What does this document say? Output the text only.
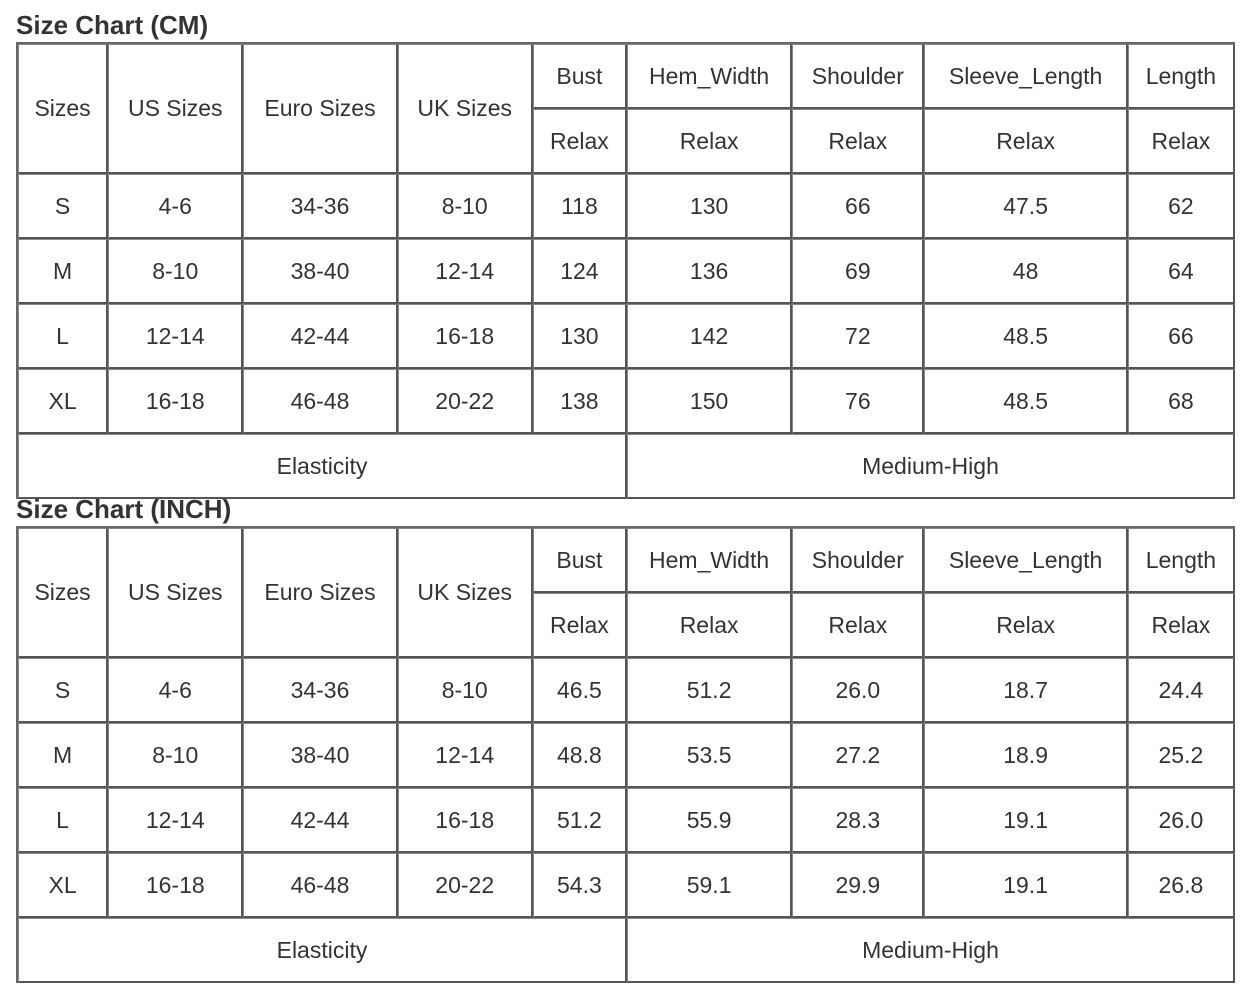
Size Chart (CM)
Sizes	US Sizes	Euro Sizes	UK Sizes	Bust	Hem_Width	Shoulder	Sleeve_Length	Length
				Relax	Relax	Relax	Relax	Relax
S	4-6	34-36	8-10	118	130	66	47.5	62
M	8-10	38-40	12-14	124	136	69	48	64
L	12-14	42-44	16-18	130	142	72	48.5	66
XL	16-18	46-48	20-22	138	150	76	48.5	68
Elasticity					Medium-High			
Size Chart (INCH)
Sizes	US Sizes	Euro Sizes	UK Sizes	Bust	Hem_Width	Shoulder	Sleeve_Length	Length
				Relax	Relax	Relax	Relax	Relax
S	4-6	34-36	8-10	46.5	51.2	26.0	18.7	24.4
M	8-10	38-40	12-14	48.8	53.5	27.2	18.9	25.2
L	12-14	42-44	16-18	51.2	55.9	28.3	19.1	26.0
XL	16-18	46-48	20-22	54.3	59.1	29.9	19.1	26.8
Elasticity					Medium-High			
